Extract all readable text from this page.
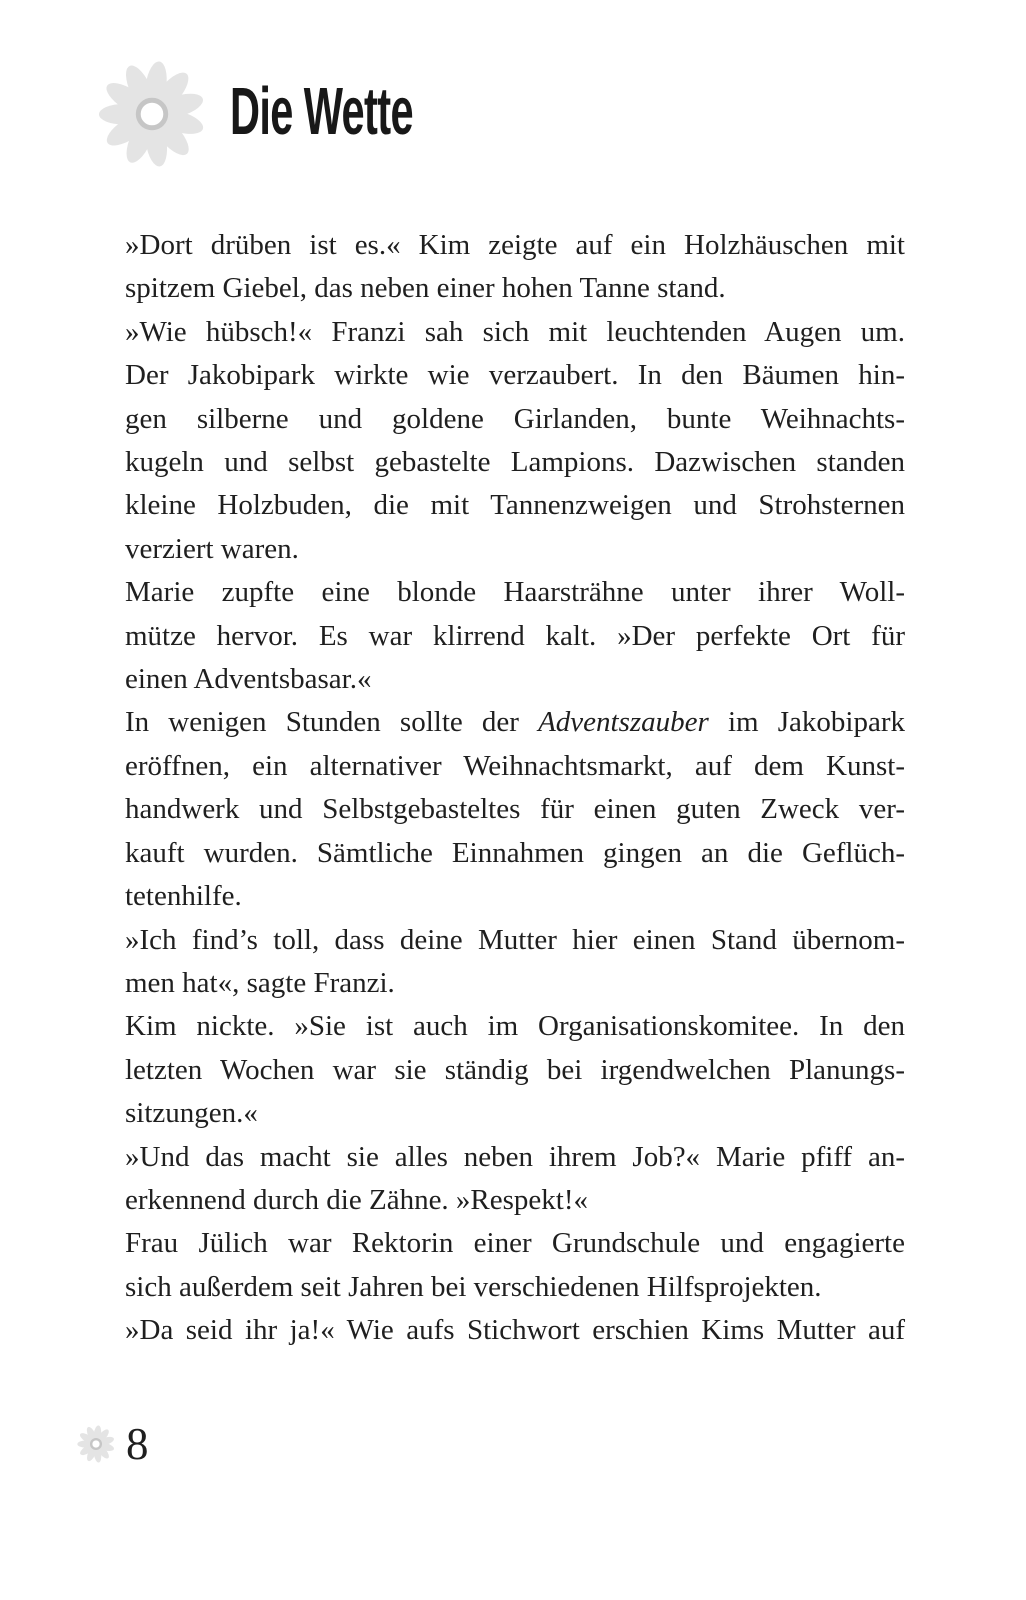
Die Wette
»Dort drüben ist es.« Kim zeigte auf ein Holzhäuschen mit
spitzem Giebel, das neben einer hohen Tanne stand.
»Wie hübsch!« Franzi sah sich mit leuchtenden Augen um.
Der Jakobipark wirkte wie verzaubert. In den Bäumen hin-
gen silberne und goldene Girlanden, bunte Weihnachts-
kugeln und selbst gebastelte Lampions. Dazwischen standen
kleine Holzbuden, die mit Tannenzweigen und Strohsternen
verziert waren.
Marie zupfte eine blonde Haarsträhne unter ihrer Woll-
mütze hervor. Es war klirrend kalt. »Der perfekte Ort für
einen Adventsbasar.«
In wenigen Stunden sollte der Adventszauber im Jakobipark
eröffnen, ein alternativer Weihnachtsmarkt, auf dem Kunst-
handwerk und Selbstgebasteltes für einen guten Zweck ver-
kauft wurden. Sämtliche Einnahmen gingen an die Geflüch-
tetenhilfe.
»Ich find’s toll, dass deine Mutter hier einen Stand übernom-
men hat«, sagte Franzi.
Kim nickte. »Sie ist auch im Organisationskomitee. In den
letzten Wochen war sie ständig bei irgendwelchen Planungs-
sitzungen.«
»Und das macht sie alles neben ihrem Job?« Marie pfiff an-
erkennend durch die Zähne. »Respekt!«
Frau Jülich war Rektorin einer Grundschule und engagierte
sich außerdem seit Jahren bei verschiedenen Hilfsprojekten.
»Da seid ihr ja!« Wie aufs Stichwort erschien Kims Mutter auf
8
